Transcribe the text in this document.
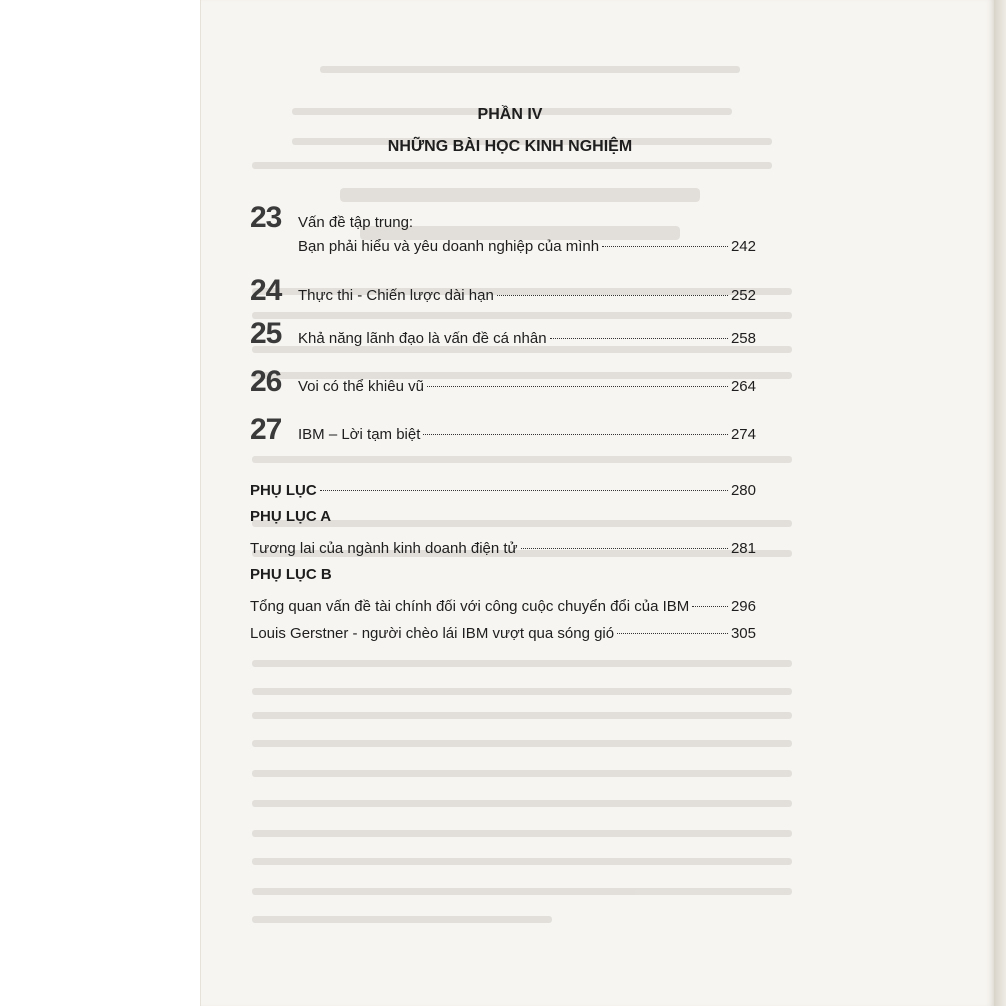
PHẦN IV
NHỮNG BÀI HỌC KINH NGHIỆM
23 Vấn đề tập trung:
Bạn phải hiểu và yêu doanh nghiệp của mình	242
24 Thực thi - Chiến lược dài hạn	252
25 Khả năng lãnh đạo là vấn đề cá nhân	258
26 Voi có thể khiêu vũ	264
27 IBM – Lời tạm biệt	274
PHỤ LỤC	280
PHỤ LỤC A
Tương lai của ngành kinh doanh điện tử	281
PHỤ LỤC B
Tổng quan vấn đề tài chính đối với công cuộc chuyển đổi của IBM	296
Louis Gerstner - người chèo lái IBM vượt qua sóng gió	305
